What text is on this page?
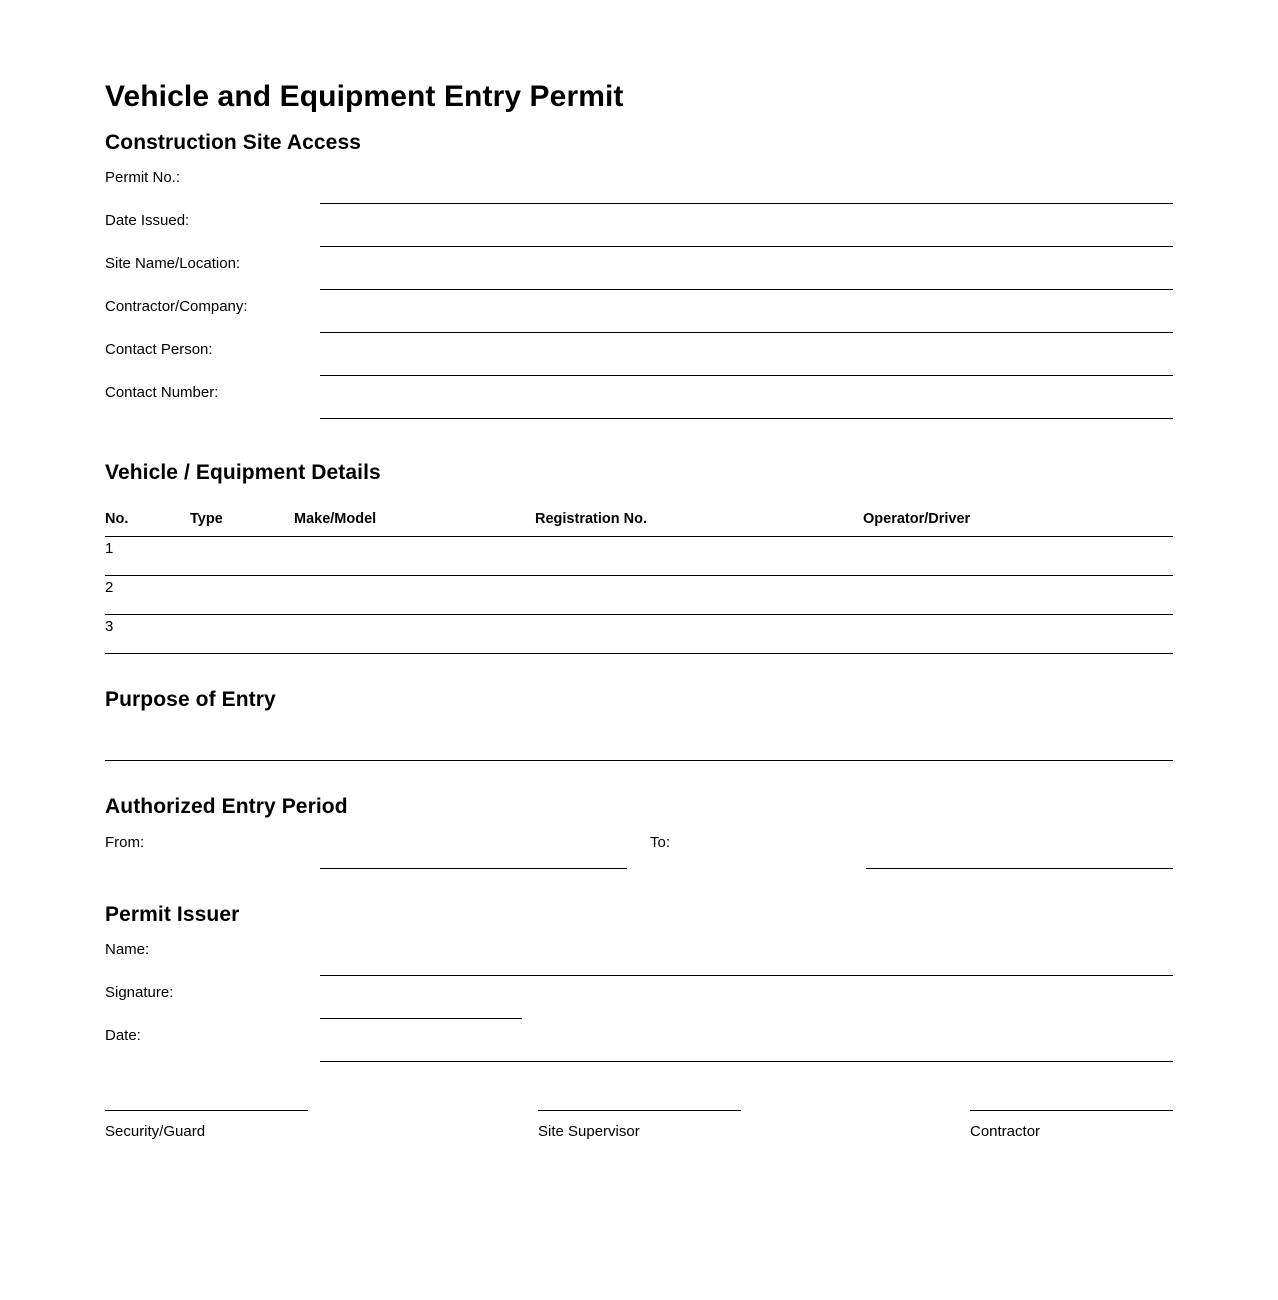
Vehicle and Equipment Entry Permit
Construction Site Access
Permit No.:
Date Issued:
Site Name/Location:
Contractor/Company:
Contact Person:
Contact Number:
Vehicle / Equipment Details
No.	Type	Make/Model	Registration No.	Operator/Driver
1				
2				
3				
Purpose of Entry
Authorized Entry Period
From:	To:
Permit Issuer
Name:
Signature:
Date:
Security/Guard	Site Supervisor	Contractor
